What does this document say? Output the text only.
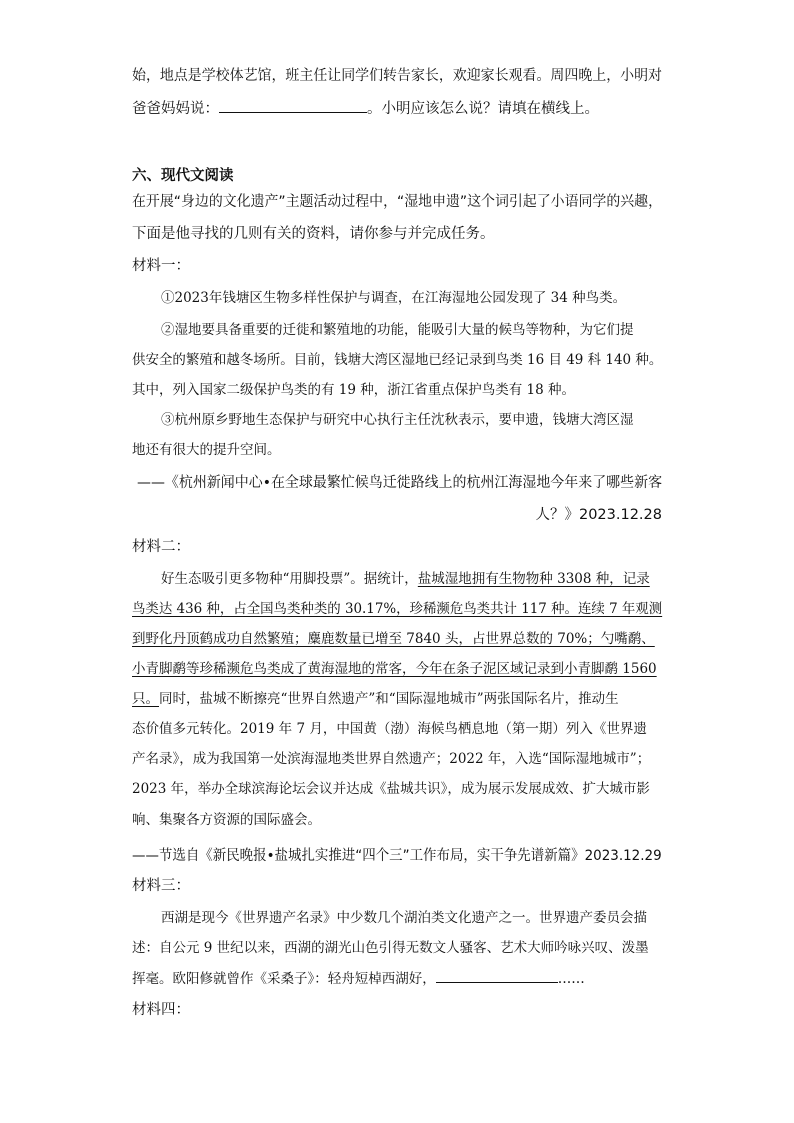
始，地点是学校体艺馆，班主任让同学们转告家长，欢迎家长观看。周四晚上，小明对
爸爸妈妈说：	。小明应该怎么说？请填在横线上。
六、现代文阅读
在开展“身边的文化遗产”主题活动过程中，“湿地申遗”这个词引起了小语同学的兴趣，
下面是他寻找的几则有关的资料，请你参与并完成任务。
材料一：
①2023年钱塘区生物多样性保护与调查，在江海湿地公园发现了 34 种鸟类。
②湿地要具备重要的迁徙和繁殖地的功能，能吸引大量的候鸟等物种，为它们提
供安全的繁殖和越冬场所。目前，钱塘大湾区湿地已经记录到鸟类 16 目 49 科 140 种。
其中，列入国家二级保护鸟类的有 19 种，浙江省重点保护鸟类有 18 种。
③杭州原乡野地生态保护与研究中心执行主任沈秋表示，要申遗，钱塘大湾区湿
地还有很大的提升空间。
——《杭州新闻中心•在全球最繁忙候鸟迁徙路线上的杭州江海湿地今年来了哪些新客
人？》2023.12.28
材料二：
好生态吸引更多物种“用脚投票”。据统计，盐城湿地拥有生物物种 3308 种，记录
鸟类达 436 种，占全国鸟类种类的 30.17%，珍稀濒危鸟类共计 117 种。连续 7 年观测
到野化丹顶鹤成功自然繁殖；麋鹿数量已增至 7840 头，占世界总数的 70%；勺嘴鹬、
小青脚鹬等珍稀濒危鸟类成了黄海湿地的常客，今年在条子泥区域记录到小青脚鹬 1560
只。同时，盐城不断擦亮“世界自然遗产”和“国际湿地城市”两张国际名片，推动生
态价值多元转化。2019 年 7 月，中国黄（渤）海候鸟栖息地（第一期）列入《世界遗
产名录》，成为我国第一处滨海湿地类世界自然遗产；2022 年，入选“国际湿地城市”；
2023 年，举办全球滨海论坛会议并达成《盐城共识》，成为展示发展成效、扩大城市影
响、集聚各方资源的国际盛会。
——节选自《新民晚报•盐城扎实推进“四个三”工作布局，实干争先谱新篇》2023.12.29
材料三：
西湖是现今《世界遗产名录》中少数几个湖泊类文化遗产之一。世界遗产委员会描
述：自公元 9 世纪以来，西湖的湖光山色引得无数文人骚客、艺术大师吟咏兴叹、泼墨
挥毫。欧阳修就曾作《采桑子》：轻舟短棹西湖好，	……
材料四：
